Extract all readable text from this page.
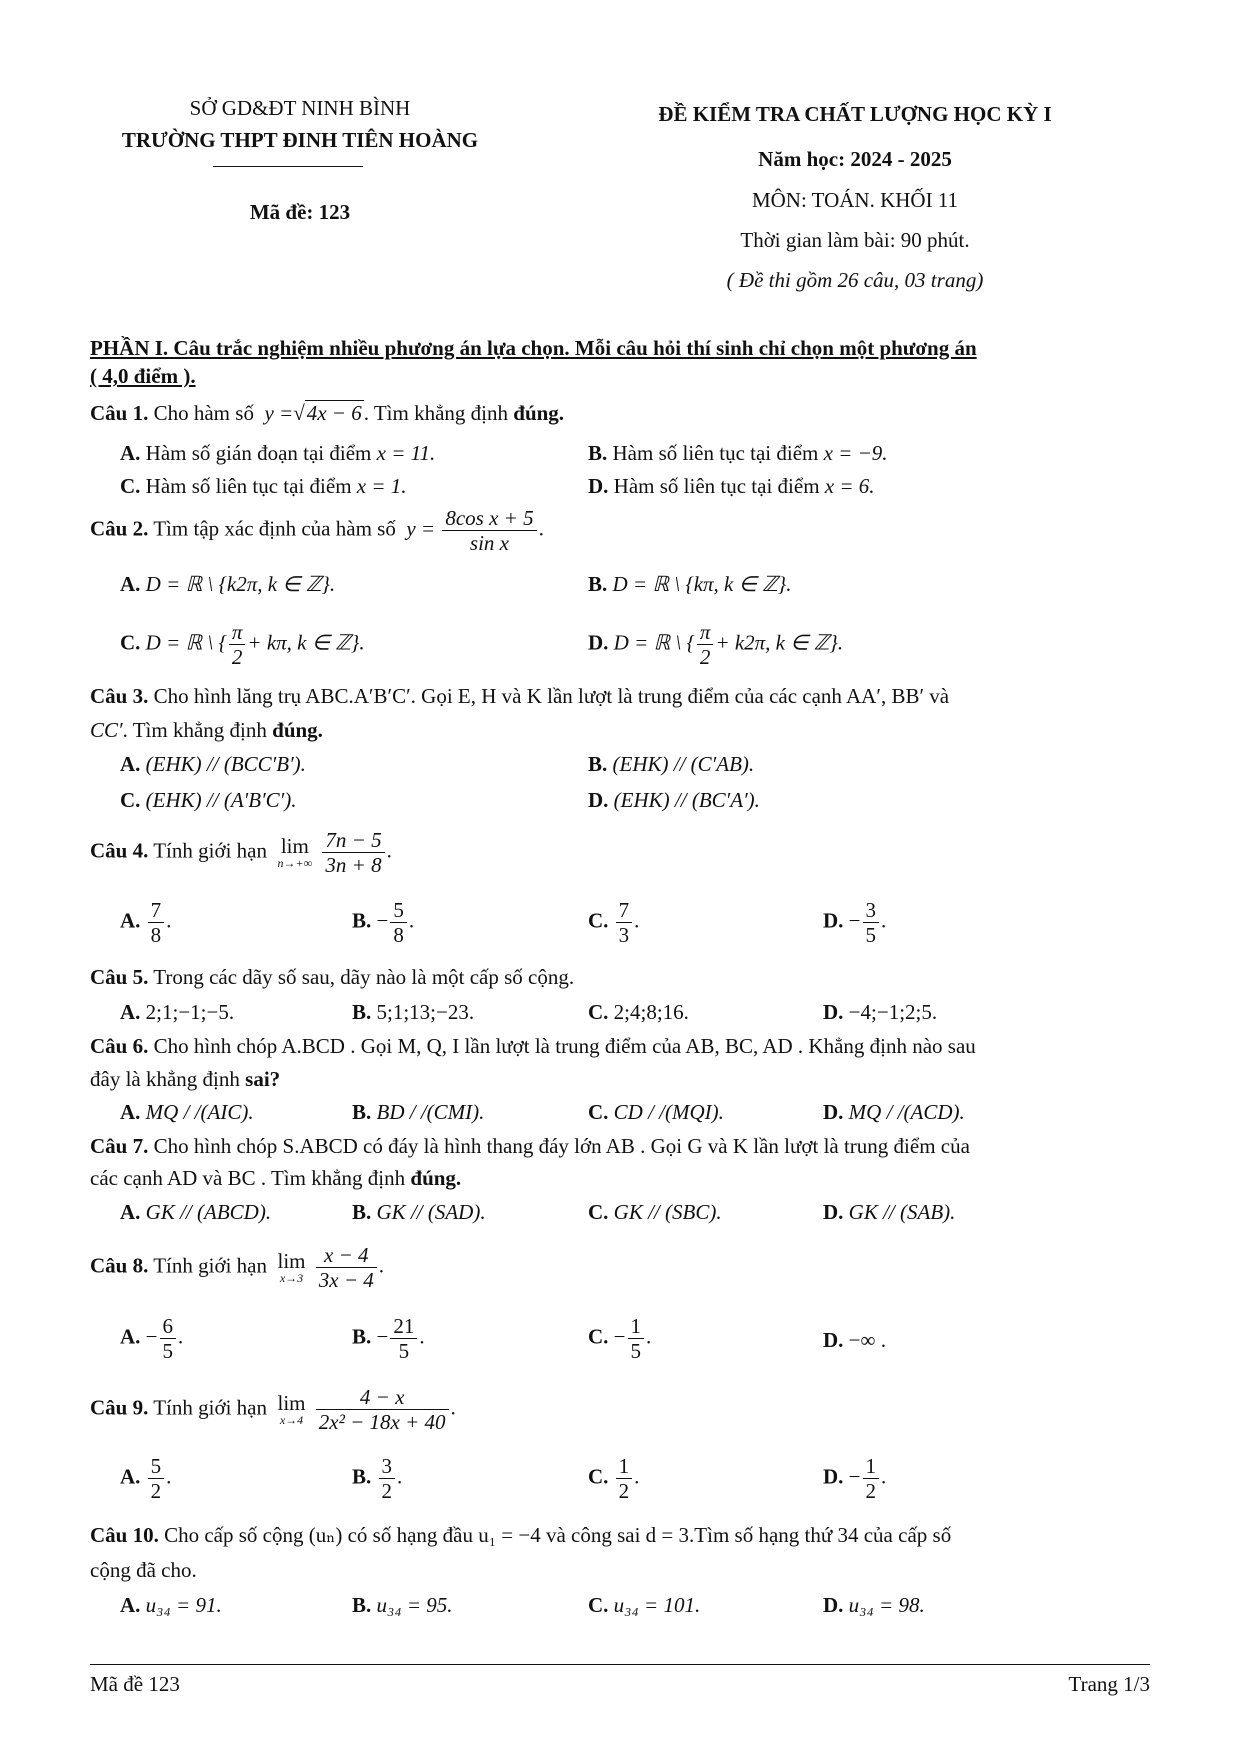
SỞ GD&ĐT NINH BÌNH
TRƯỜNG THPT ĐINH TIÊN HOÀNG
Mã đề: 123
ĐỀ KIỂM TRA CHẤT LƯỢNG HỌC KỲ I
Năm học: 2024 - 2025
MÔN: TOÁN. KHỐI 11
Thời gian làm bài: 90 phút.
( Đề thi gồm 26 câu, 03 trang)
PHẦN I. Câu trắc nghiệm nhiều phương án lựa chọn. Mỗi câu hỏi thí sinh chỉ chọn một phương án
( 4,0 điểm ).
Câu 1. Cho hàm số y =√4x − 6. Tìm khẳng định đúng.
A. Hàm số gián đoạn tại điểm x = 11.	B. Hàm số liên tục tại điểm x = −9.
C. Hàm số liên tục tại điểm x = 1.	D. Hàm số liên tục tại điểm x = 6.
Câu 2. Tìm tập xác định của hàm số $y = \frac{\text{8cos x + 5}}{\text{sin x}}$ .
A. D = ℝ \ {k2π, k ∈ ℤ}.	B. D = ℝ \ {kπ, k ∈ ℤ}.
C. D = ℝ \ { $\frac{\pi}{2} + k\pi$, k ∈ ℤ}.	D. D = ℝ \ { $\frac{\pi}{2} + k2\pi$, k ∈ ℤ}.
Câu 3. Cho hình lăng trụ ABC.A′B′C′. Gọi E, H và K lần lượt là trung điểm của các cạnh AA′, BB′ và
CC′. Tìm khẳng định đúng.
A. (EHK) // (BCC′B′).	B. (EHK) // (C′AB).
C. (EHK) // (A′B′C′).	D. (EHK) // (BC′A′).
Câu 4. Tính giới hạn lim
n→+∞
$\frac{7n - 5}{3n + 8}$ .
A. $\frac{7}{8}$ .	B. − $\frac{5}{8}$ .	C. $\frac{7}{3}$ .	D. − $\frac{3}{5}$ .
Câu 5. Trong các dãy số sau, dãy nào là một cấp số cộng.
A. 2;1;−1;−5.	B. 5;1;13;−23.	C. 2;4;8;16.	D. −4;−1;2;5.
Câu 6. Cho hình chóp A.BCD . Gọi M, Q, I lần lượt là trung điểm của AB, BC, AD . Khẳng định nào sau
đây là khẳng định sai?
A. MQ / /(AIC).	B. BD / /(CMI).	C. CD / /(MQI).	D. MQ / /(ACD).
Câu 7. Cho hình chóp S.ABCD có đáy là hình thang đáy lớn AB . Gọi G và K lần lượt là trung điểm của
các cạnh AD và BC . Tìm khẳng định đúng.
A. GK // (ABCD).	B. GK // (SAD).	C. GK // (SBC).	D. GK // (SAB).
Câu 8. Tính giới hạn lim
x→3
$\frac{x - 4}{3x - 4}$ .
A. − $\frac{6}{5}$ .	B. − $\frac{21}{5}$ .	C. − $\frac{1}{5}$ .	D. −∞ .
Câu 9. Tính giới hạn lim
x→4
$\frac{4 - x}{\text{2x² − 18x + 40}}$ .
A. $\frac{5}{2}$ .	B. $\frac{3}{2}$ .	C. $\frac{1}{2}$ .	D. − $\frac{1}{2}$ .
Câu 10. Cho cấp số cộng (uₙ) có số hạng đầu u₁ = −4 và công sai d = 3.Tìm số hạng thứ 34 của cấp số
cộng đã cho.
A. u₃₄ = 91.	B. u₃₄ = 95.	C. u₃₄ = 101.	D. u₃₄ = 98.
Mã đề 123	Trang 1/3
